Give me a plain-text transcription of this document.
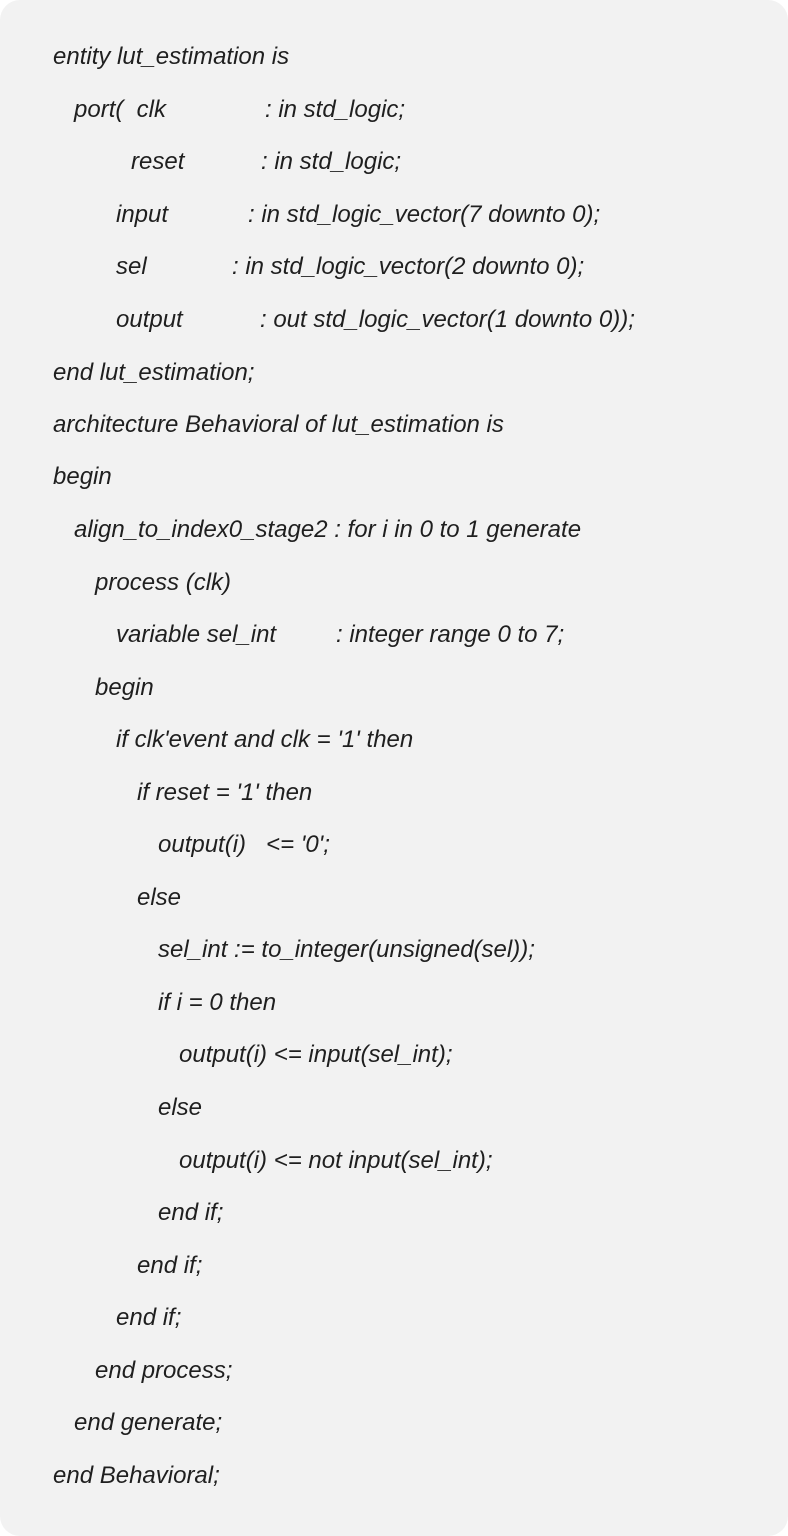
entity lut_estimation is
port(  clk	: in std_logic;
reset	: in std_logic;
input	: in std_logic_vector(7 downto 0);
sel	: in std_logic_vector(2 downto 0);
output	: out std_logic_vector(1 downto 0));
end lut_estimation;
architecture Behavioral of lut_estimation is
begin
align_to_index0_stage2 : for i in 0 to 1 generate
process (clk)
variable sel_int : integer range 0 to 7;
begin
if clk'event and clk = '1' then
if reset = '1' then
output(i)   <= '0';
else
sel_int := to_integer(unsigned(sel));
if i = 0 then
output(i) <= input(sel_int);
else
output(i) <= not input(sel_int);
end if;
end if;
end if;
end process;
end generate;
end Behavioral;
